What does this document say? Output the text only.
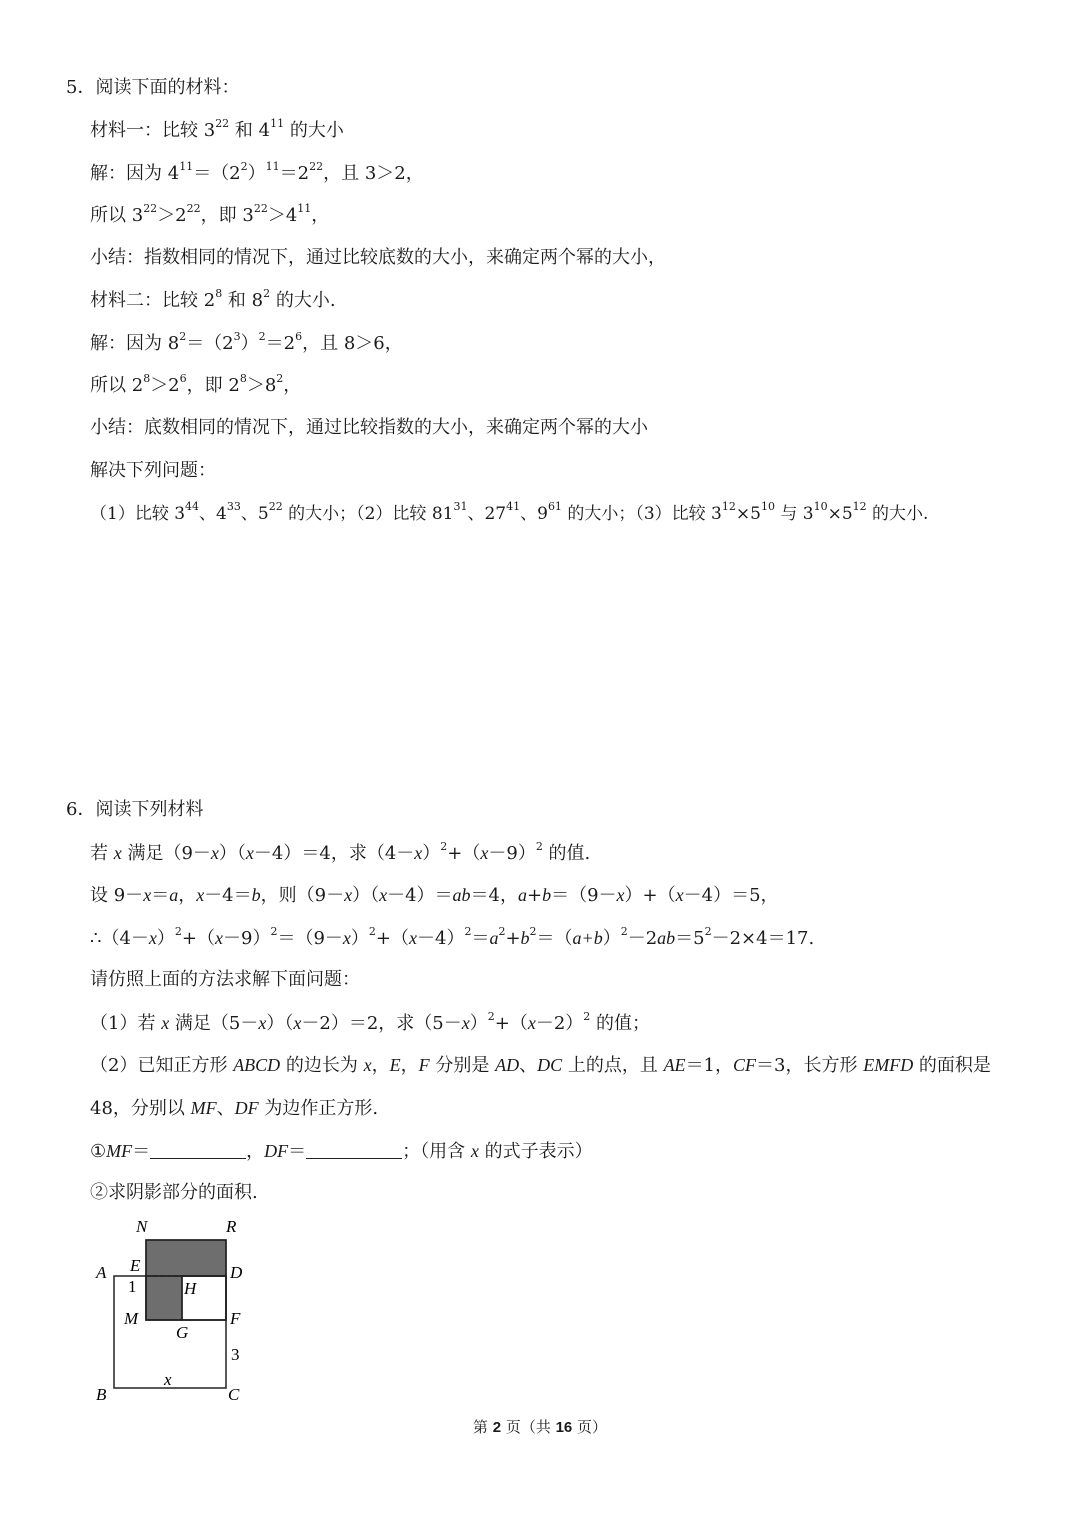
5．阅读下面的材料：
材料一：比较 $3^{22}$ 和 $4^{11}$ 的大小
解：因为 $4^{11}=(2^2)^{11}=2^{22}$，且 3＞2，
所以 $3^{22}>2^{22}$，即 $3^{22}>4^{11}$，
小结：指数相同的情况下，通过比较底数的大小，来确定两个幂的大小，
材料二：比较 $2^8$ 和 $8^2$ 的大小.
解：因为 $8^2=(2^3)^2=2^6$，且 8＞6，
所以 $2^8>2^6$，即 $2^8>8^2$，
小结：底数相同的情况下，通过比较指数的大小，来确定两个幂的大小
解决下列问题：
（1）比较 $3^{44}$、$4^{33}$、$5^{22}$ 的大小；（2）比较 $81^{31}$、$27^{41}$、$9^{61}$ 的大小；（3）比较 $3^{12}\times 5^{10}$ 与 $3^{10}\times 5^{12}$ 的大小.
6．阅读下列材料
若 x 满足（9－x）（x－4）＝4，求$(4-x)^2+(x-9)^2$ 的值.
设 9－x＝a，x－4＝b，则（9－x）（x－4）＝ab＝4，a+b＝（9－x）+（x－4）＝5，
$\therefore(4-x)^2+(x-9)^2=(9-x)^2+(x-4)^2=a^2+b^2=(a+b)^2-2ab=5^2-2\times 4=17$.
请仿照上面的方法求解下面问题：
（1）若 x 满足（5－x）（x－2）＝2，求$(5-x)^2+(x-2)^2$ 的值；
（2）已知正方形 ABCD 的边长为 x，E，F 分别是 AD、DC 上的点，且 AE＝1，CF＝3，长方形 EMFD 的面积是
48，分别以 MF、DF 为边作正方形.
①MF＝	，DF＝	；（用含 x 的式子表示）
②求阴影部分的面积.
N	R
A E	D
H
1
M	F
G
3
B
x
C
第 2 页（共 16 页）
